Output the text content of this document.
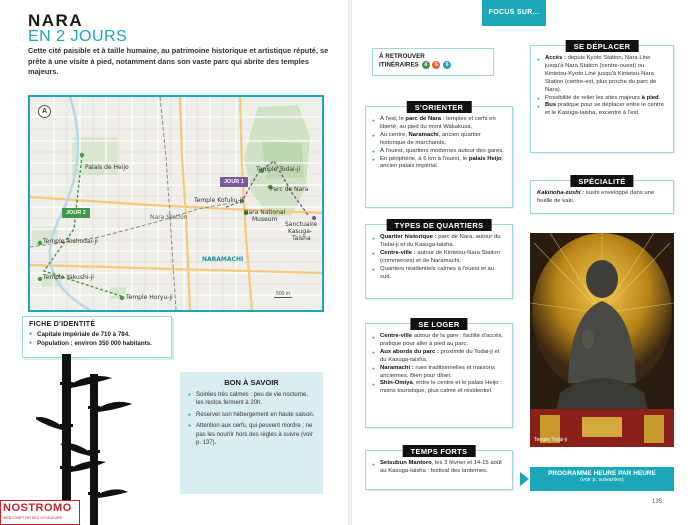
NARA
EN 2 JOURS
Cette cité paisible et à taille humaine, au patrimoine historique et artistique réputé, se prête à une visite à pied, notamment dans son vaste parc qui abrite des temples majeurs.
A
Palais de Heijo
Temple Toshodai-ji
Temple Yakushi-ji
Temple Horyu-ji
Nara Station
NARAMACHI
Temple Todai-ji
Parc de Nara
Temple Kofuku-ji
Nara National
Museum
Sanctuaire
Kasuga-
Taisha
JOUR 1
JOUR 2
500 m
FICHE D'IDENTITÉ
● Capitale impériale de 710 à 784.
● Population : environ 350 000 habitants.
NOSTROMO
WEB-COMPTOIR DES VOYAGEURS
BON À SAVOIR
● Soirées très calmes : peu de vie nocturne, les restos ferment à 20h.
● Réserver son hébergement en haute saison.
● Attention aux cerfs, qui peuvent mordre ; ne pas les nourrir hors des règles à suivre (voir p. 137).
FOCUS SUR...
À RETROUVER
ITINÉRAIRES 4 5 6
S'ORIENTER
● À l'est, le parc de Nara : temples et cerfs en liberté, au pied du mont Wakakusa.
● Au centre, Naramachi, ancien quartier historique de marchands.
● À l'ouest, quartiers modernes autour des gares.
● En périphérie, à 6 km à l'ouest, le palais Heijo, ancien palais impérial.
TYPES DE QUARTIERS
● Quartier historique : parc de Nara, autour du Todai-ji et du Kasuga-taisha.
● Centre-ville : autour de Kintetsu-Nara Station (commerces) et de Naramachi.
● Quartiers résidentiels calmes à l'ouest et au sud.
SE LOGER
● Centre-ville autour de la gare : facilité d'accès, pratique pour aller à pied au parc.
● Aux abords du parc : proximité du Todai-ji et du Kasuga-taisha.
● Naramachi : rues traditionnelles et maisons anciennes. Bien pour dîner.
● Shin-Omiya, entre le centre et le palais Heijo : moins touristique, plus calme et résidentiel.
TEMPS FORTS
● Setsubun Mantoro, les 3 février et 14-15 août au Kasuga-taisha : festival des lanternes.
SE DÉPLACER
● Accès : depuis Kyoto Station, Nara Line jusqu'à Nara Station (centre-ouest) ou Kintetsu-Kyoto Line jusqu'à Kintetsu-Nara Station (centre-est, plus proche du parc de Nara).
● Possibilité de relier les sites majeurs à pied.
● Bus pratique pour se déplacer entre le centre et le Kasuga-taisha, excentré à l'est.
SPÉCIALITÉ

Kakinoha-zushi : sushi enveloppé dans une feuille de kaki.

Temple Todai-ji
PROGRAMME HEURE PAR HEURE
(voir p. suivantes)
135
